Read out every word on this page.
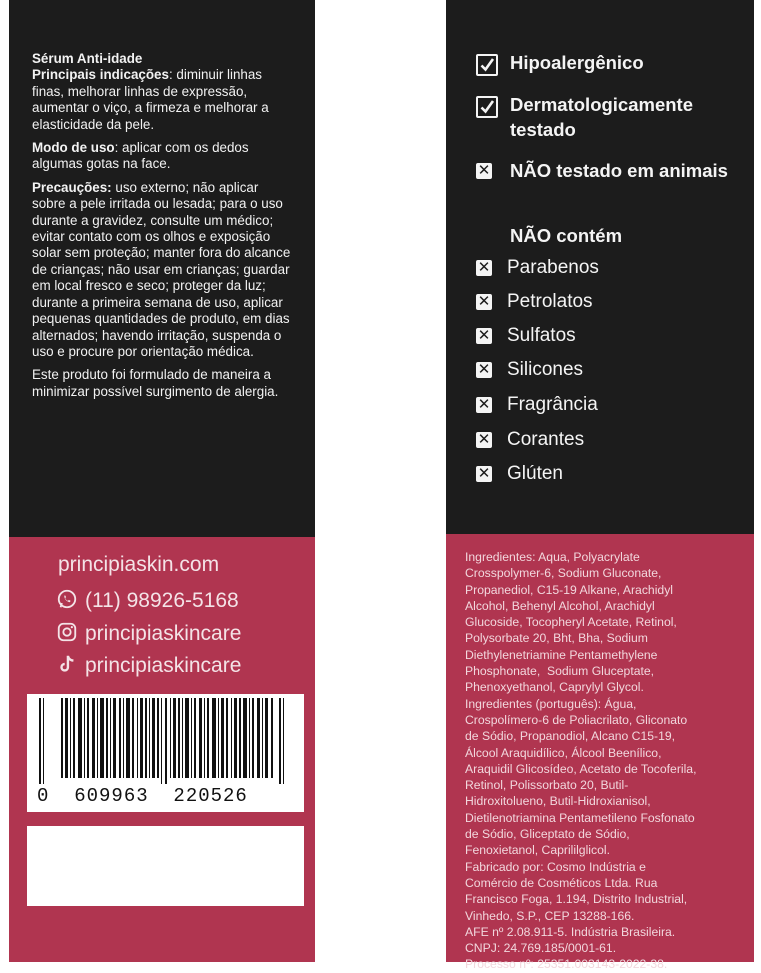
Sérum Anti-idade
Principais indicações: diminuir linhas finas, melhorar linhas de expressão, aumentar o viço, a firmeza e melhorar a elasticidade da pele.

Modo de uso: aplicar com os dedos algumas gotas na face.

Precauções: uso externo; não aplicar sobre a pele irritada ou lesada; para o uso durante a gravidez, consulte um médico; evitar contato com os olhos e exposição solar sem proteção; manter fora do alcance de crianças; não usar em crianças; guardar em local fresco e seco; proteger da luz; durante a primeira semana de uso, aplicar pequenas quantidades de produto, em dias alternados; havendo irritação, suspenda o uso e procure por orientação médica.

Este produto foi formulado de maneira a minimizar possível surgimento de alergia.

principiaskin.com
(11) 98926-5168
principiaskincare
principiaskincare
0  609963  220526
Hipoalergênico
Dermatologicamente testado
✕ NÃO testado em animais
NÃO contém
✕ Parabenos
✕ Petrolatos
✕ Sulfatos
✕ Silicones
✕ Fragrância
✕ Corantes
✕ Glúten
Ingredientes: Aqua, Polyacrylate
Crosspolymer-6, Sodium Gluconate,
Propanediol, C15-19 Alkane, Arachidyl
Alcohol, Behenyl Alcohol, Arachidyl
Glucoside, Tocopheryl Acetate, Retinol,
Polysorbate 20, Bht, Bha, Sodium
Diethylenetriamine Pentamethylene
Phosphonate,  Sodium Gluceptate,
Phenoxyethanol, Caprylyl Glycol.
Ingredientes (português): Água,
Crospolímero-6 de Poliacrilato, Gliconato
de Sódio, Propanodiol, Alcano C15-19,
Álcool Araquidílico, Álcool Beenílico,
Araquidil Glicosídeo, Acetato de Tocoferila,
Retinol, Polissorbato 20, Butil-
Hidroxitolueno, Butil-Hidroxianisol,
Dietilenotriamina Pentametileno Fosfonato
de Sódio, Gliceptato de Sódio,
Fenoxietanol, Caprililglicol.
Fabricado por: Cosmo Indústria e
Comércio de Cosméticos Ltda. Rua
Francisco Foga, 1.194, Distrito Industrial,
Vinhedo, S.P., CEP 13288-166.
AFE nº 2.08.911-5. Indústria Brasileira.
CNPJ: 24.769.185/0001-61.
Processo nº: 25351.003143-2022-38.
